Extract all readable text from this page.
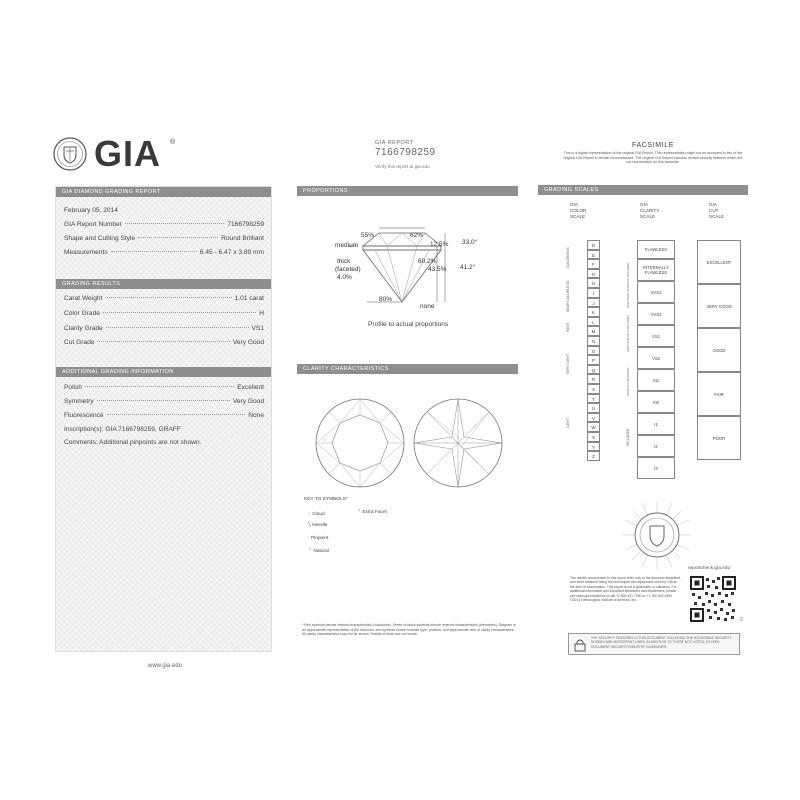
GIA ®	GIA REPORT
7166798259
Verify this report at gia.edu
FACSIMILE
This is a digital representation of the original GIA Report. This representation might not be accepted in lieu of the original GIA Report in certain circumstances. The original GIA Report includes certain security features which are not reproducible on this facsimile.
GIA DIAMOND GRADING REPORT
February 05, 2014
GIA Report Number	7166798259
Shape and Cutting Style	Round Brilliant
Measurements	6.45 - 6.47 x 3.89 mm
GRADING RESULTS
Carat Weight	1.01 carat
Color Grade	H
Clarity Grade	VS1
Cut Grade	Very Good
ADDITIONAL GRADING INFORMATION
Polish	Excellent
Symmetry	Very Good
Fluorescence	None
Inscription(s): GIA 7166798259, GRAFF
Comments: Additional pinpoints are not shown.
www.gia.edu
PROPORTIONS
55%	62%
12.5% 33.0°
medium
thick
(faceted)
4.0%
60.2%
43.5% 41.2°
80%
none
Profile to actual proportions
CLARITY CHARACTERISTICS
x
KEY TO SYMBOLS*
◌ Cloud
╲ Needle
· Pinpoint
⌃ Natural
⌃ Extra Facet
* Red symbols denote internal characteristics (inclusions). Green or black symbols denote external characteristics (blemishes). Diagram is an approximate representation of the diamond, and symbols shown indicate type, position, and approximate size of clarity characteristics. All clarity characteristics may not be shown. Details of finish are not shown.
GRADING SCALES
GIA
COLOR
SCALE
GIA
CLARITY
SCALE
GIA
CUT
SCALE
D
E
F
G
H
I
J
K
L
M
N
O
P
Q
R
S
T
U
V
W
X
Y
Z
FLAWLESS
INTERNALLY FLAWLESS
VVS1
VVS2
VS1
VS2
SI1
SI2
I1
I2
I3
EXCELLENT
VERY GOOD
GOOD
FAIR
POOR
COLORLESS
NEAR COLORLESS
FAINT
VERY LIGHT
LIGHT
VERY VERY SLIGHTLY INCLUDED
VERY SLIGHTLY INCLUDED
SLIGHTLY INCLUDED
INCLUDED
reportcheck.gia.edu
The results documented in this report refer only to the diamond described, and were obtained using the techniques and equipment used by GIA at the time of examination. This report is not a guarantee or valuation. For additional information and important limitations and disclaimers, please see www.gia.edu/terms or call +1 800 421 7250 or +1 760 603 4500. ©2014 Gemological Institute of America, Inc.
2
THE SECURITY FEATURES IN THIS DOCUMENT, INCLUDING THE HOLOGRAM, SECURITY SCREEN AND MICROPRINT LINES, IN ADDITION TO THOSE NOT LISTED, EXCEED DOCUMENT SECURITY INDUSTRY GUIDELINES.
